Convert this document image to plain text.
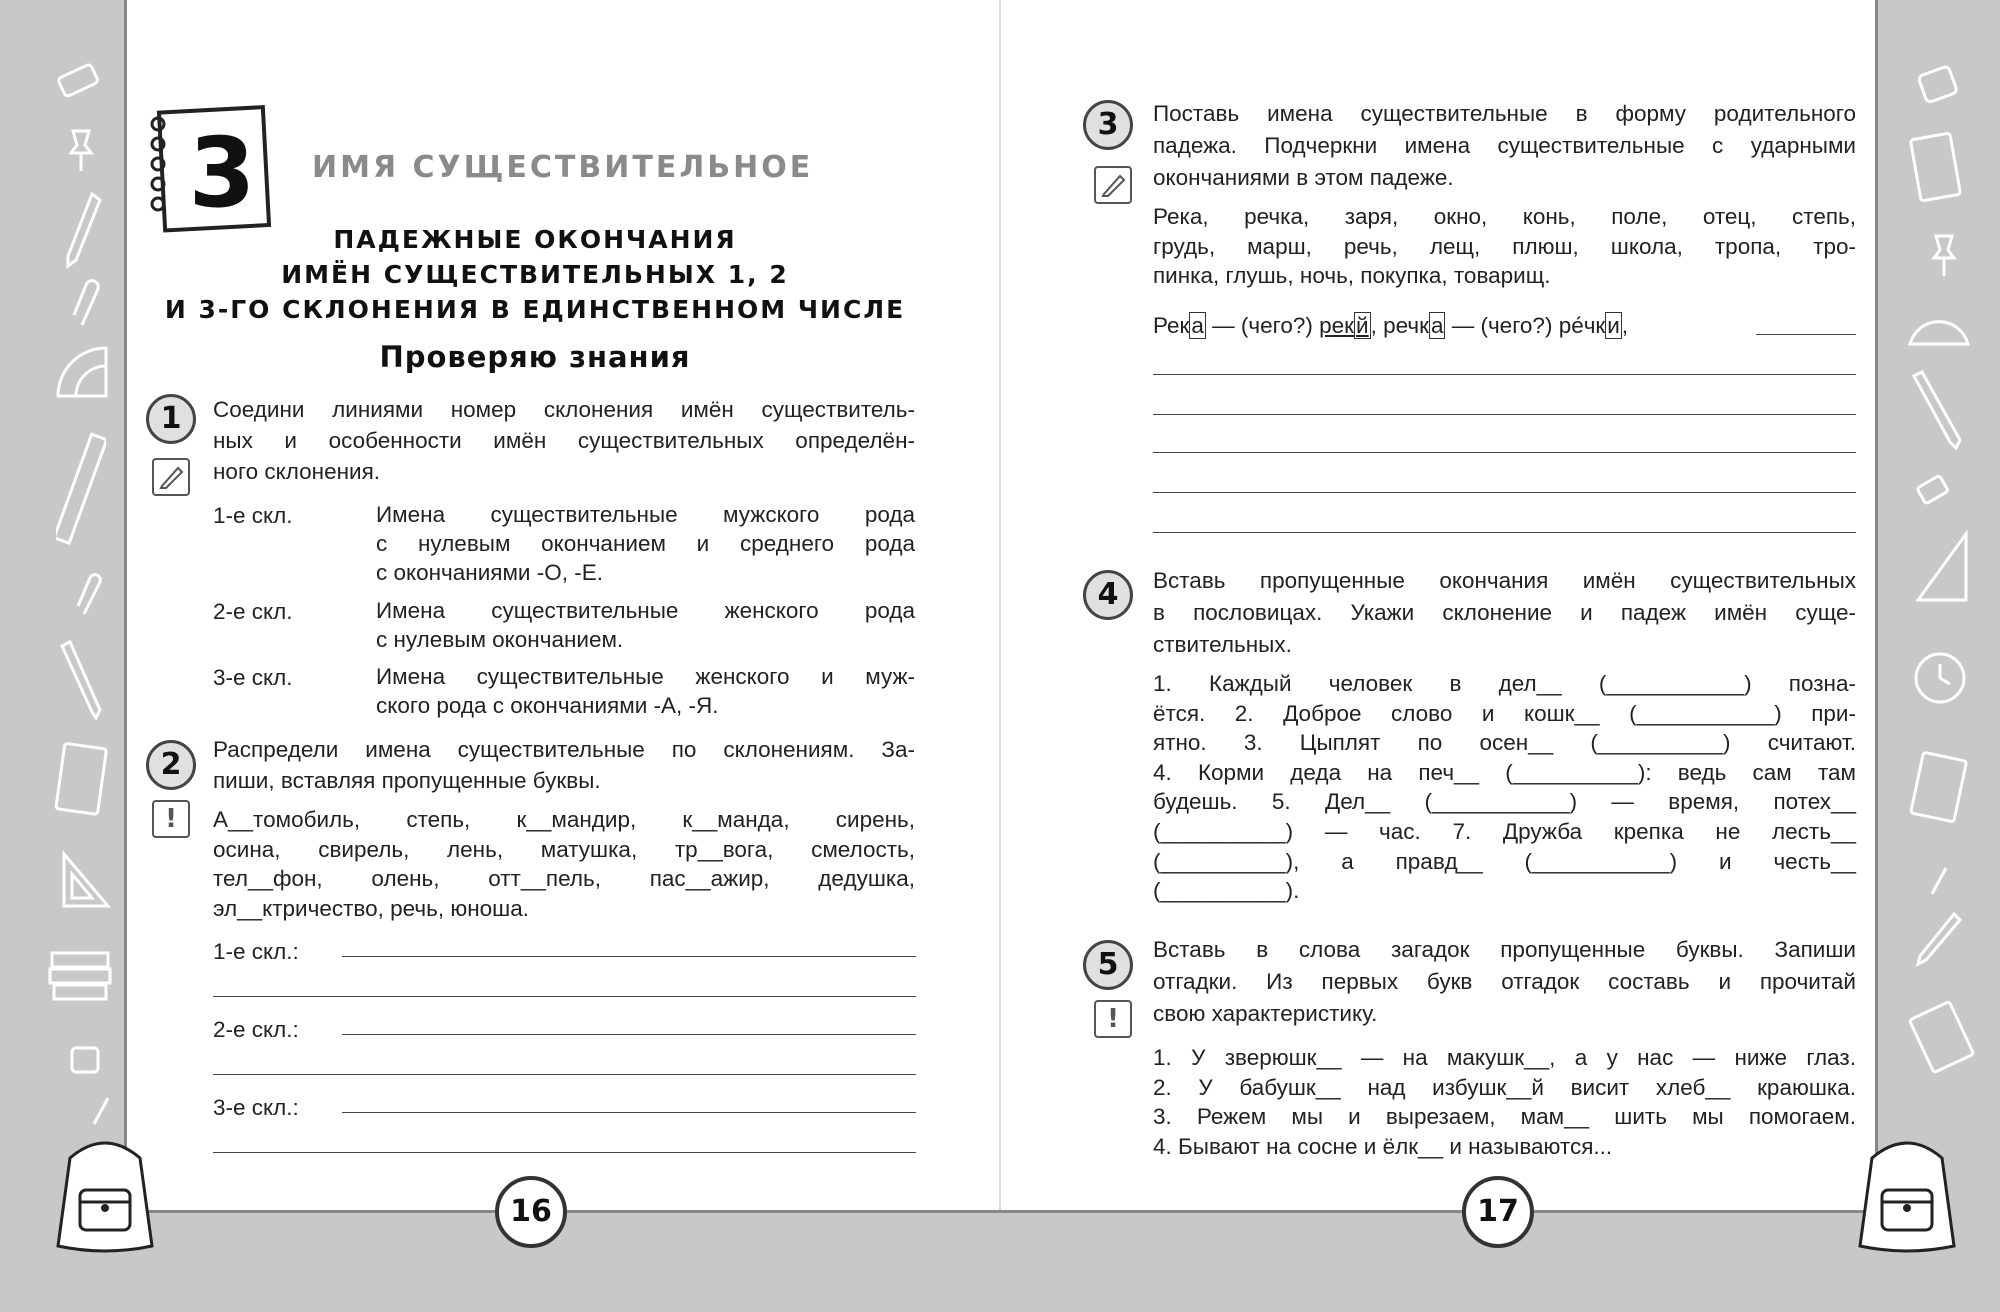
3 ИМЯ СУЩЕСТВИТЕЛЬНОЕ
ПАДЕЖНЫЕ ОКОНЧАНИЯ
ИМЁН СУЩЕСТВИТЕЛЬНЫХ 1, 2
И 3-ГО СКЛОНЕНИЯ В ЕДИНСТВЕННОМ ЧИСЛЕ
Проверяю знания
1	Соедини линиями номер склонения имён существитель-
ных и особенности имён существительных определён-
ного склонения.
1-е скл.	Имена существительные мужского рода
с нулевым окончанием и среднего рода
с окончаниями -О, -Е.
2-е скл.	Имена существительные женского рода
с нулевым окончанием.
3-е скл.	Имена существительные женского и муж-
ского рода с окончаниями -А, -Я.
2
!
Распредели имена существительные по склонениям. За-
пиши, вставляя пропущенные буквы.
А__томобиль, степь, к__мандир, к__манда, сирень,
осина, свирель, лень, матушка, тр__вога, смелость,
тел__фон, олень, отт__пель, пас__ажир, дедушка,
эл__ктричество, речь, юноша.
1-е скл.:
2-е скл.:
3-е скл.:
3	Поставь имена существительные в форму родительного
падежа. Подчеркни имена существительные с ударными
окончаниями в этом падеже.
Река, речка, заря, окно, конь, поле, отец, степь,
грудь, марш, речь, лещ, плюш, школа, тропа, тро-
пинка, глушь, ночь, покупка, товарищ.
Река — (чего?) рекй, речка — (чего?) ре́чки,
4	Вставь пропущенные окончания имён существительных
в пословицах. Укажи склонение и падеж имён суще-
ствительных.
1. Каждый человек в дел__ (___________) позна-
ётся. 2. Доброе слово и кошк__ (___________) при-
ятно. 3. Цыплят по осен__ (__________) считают.
4. Корми деда на печ__ (__________): ведь сам там
будешь. 5. Дел__ (___________) — время, потех__
(__________) — час. 7. Дружба крепка не лесть__
(__________), а правд__ (___________) и честь__
(__________).
5
!
Вставь в слова загадок пропущенные буквы. Запиши
отгадки. Из первых букв отгадок составь и прочитай
свою характеристику.
1. У зверюшк__ — на макушк__, а у нас — ниже глаз.
2. У бабушк__ над избушк__й висит хлеб__ краюшка.
3. Режем мы и вырезаем, мам__ шить мы помогаем.
4. Бывают на сосне и ёлк__ и называются...
16	17
